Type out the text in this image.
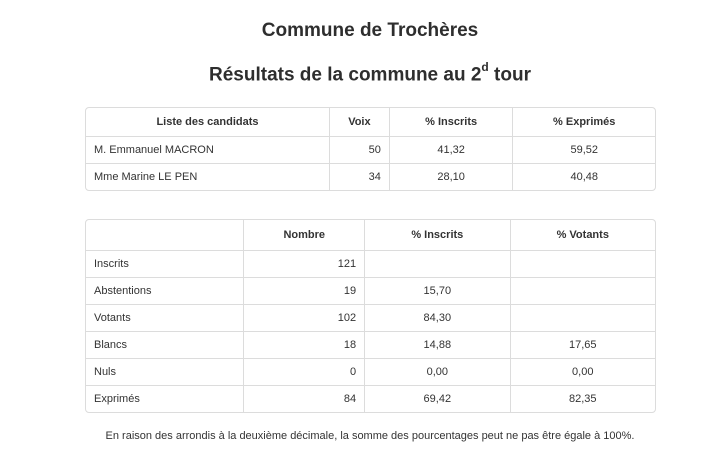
Commune de Trochères
Résultats de la commune au 2$^d$ tour
Liste des candidats	Voix	% Inscrits	% Exprimés
M. Emmanuel MACRON	50	41,32	59,52
Mme Marine LE PEN	34	28,10	40,48
	Nombre	% Inscrits	% Votants
Inscrits	121		
Abstentions	19	15,70	
Votants	102	84,30	
Blancs	18	14,88	17,65
Nuls	0	0,00	0,00
Exprimés	84	69,42	82,35
En raison des arrondis à la deuxième décimale, la somme des pourcentages peut ne pas être égale à 100%.
